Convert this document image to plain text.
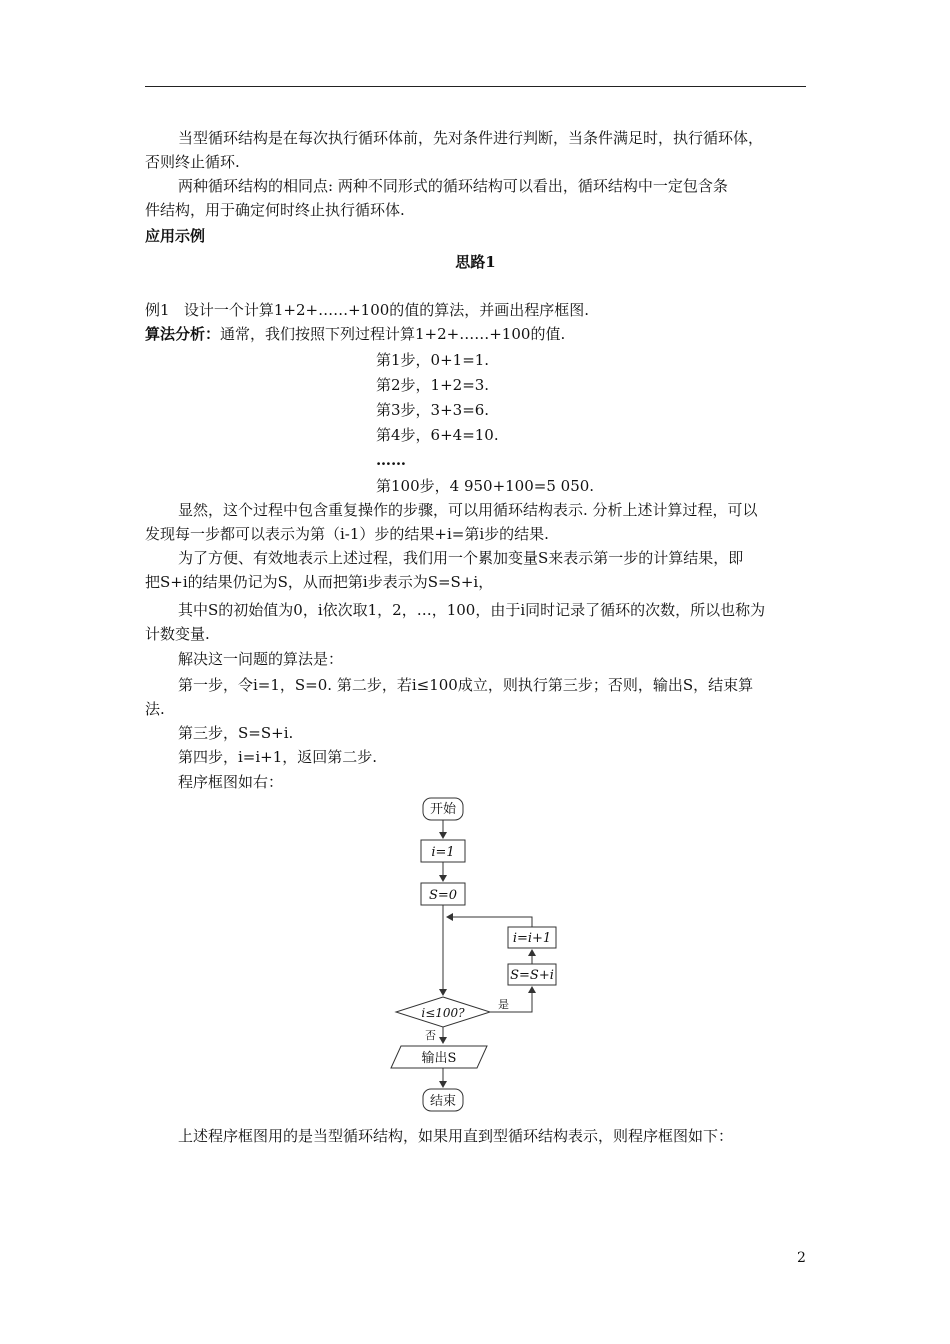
当型循环结构是在每次执行循环体前，先对条件进行判断，当条件满足时，执行循环体，

否则终止循环.

两种循环结构的相同点: 两种不同形式的循环结构可以看出，循环结构中一定包含条

件结构，用于确定何时终止执行循环体.

应用示例

思路1

例1 设计一个计算1+2+……+100的值的算法，并画出程序框图.

算法分析：通常，我们按照下列过程计算1+2+……+100的值.

第1步，0+1=1.

第2步，1+2=3.

第3步，3+3=6.

第4步，6+4=10.

……

第100步，4 950+100=5 050.

显然，这个过程中包含重复操作的步骤，可以用循环结构表示. 分析上述计算过程，可以

发现每一步都可以表示为第（i-1）步的结果+i=第i步的结果.

为了方便、有效地表示上述过程，我们用一个累加变量S来表示第一步的计算结果，即

把S+i的结果仍记为S，从而把第i步表示为S=S+i，

其中S的初始值为0，i依次取1，2，…，100，由于i同时记录了循环的次数，所以也称为

计数变量.

解决这一问题的算法是：

第一步，令i=1，S=0. 第二步，若i≤100成立，则执行第三步；否则，输出S，结束算

法.

第三步，S=S+i.

第四步，i=i+1，返回第二步.

程序框图如右：

开始
i=1
S=0
i=i+1
S=S+i
i≤100?
是
否
输出S
结束

上述程序框图用的是当型循环结构，如果用直到型循环结构表示，则程序框图如下：

2
